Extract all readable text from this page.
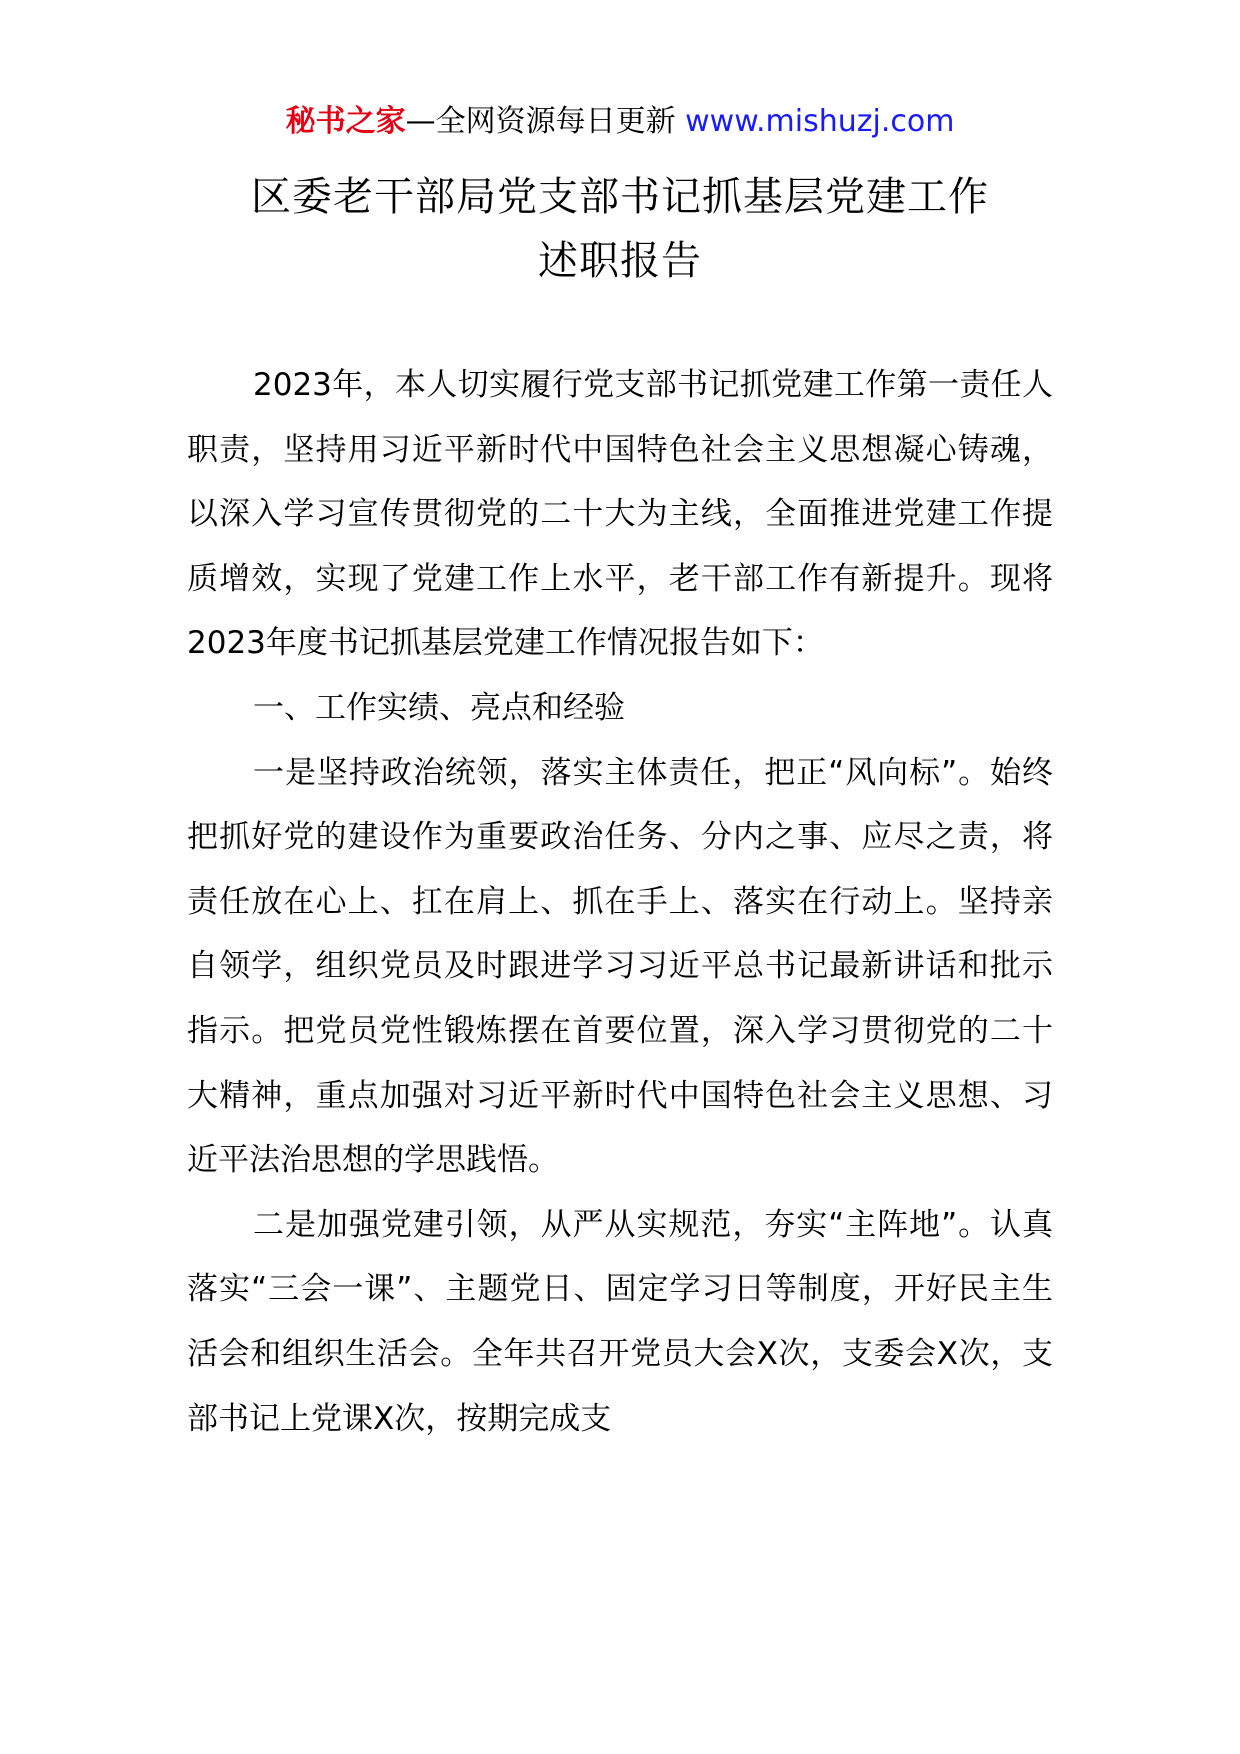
秘书之家—全网资源每日更新 www.mishuzj.com
区委老干部局党支部书记抓基层党建工作
述职报告

2023年，本人切实履行党支部书记抓党建工作第一责任人职责，坚持用习近平新时代中国特色社会主义思想凝心铸魂，以深入学习宣传贯彻党的二十大为主线，全面推进党建工作提质增效，实现了党建工作上水平，老干部工作有新提升。现将2023年度书记抓基层党建工作情况报告如下：

一、工作实绩、亮点和经验

一是坚持政治统领，落实主体责任，把正“风向标”。始终把抓好党的建设作为重要政治任务、分内之事、应尽之责，将责任放在心上、扛在肩上、抓在手上、落实在行动上。坚持亲自领学，组织党员及时跟进学习习近平总书记最新讲话和批示指示。把党员党性锻炼摆在首要位置，深入学习贯彻党的二十大精神，重点加强对习近平新时代中国特色社会主义思想、习近平法治思想的学思践悟。

二是加强党建引领，从严从实规范，夯实“主阵地”。认真落实“三会一课”、主题党日、固定学习日等制度，开好民主生活会和组织生活会。全年共召开党员大会X次，支委会X次，支部书记上党课X次，按期完成支
